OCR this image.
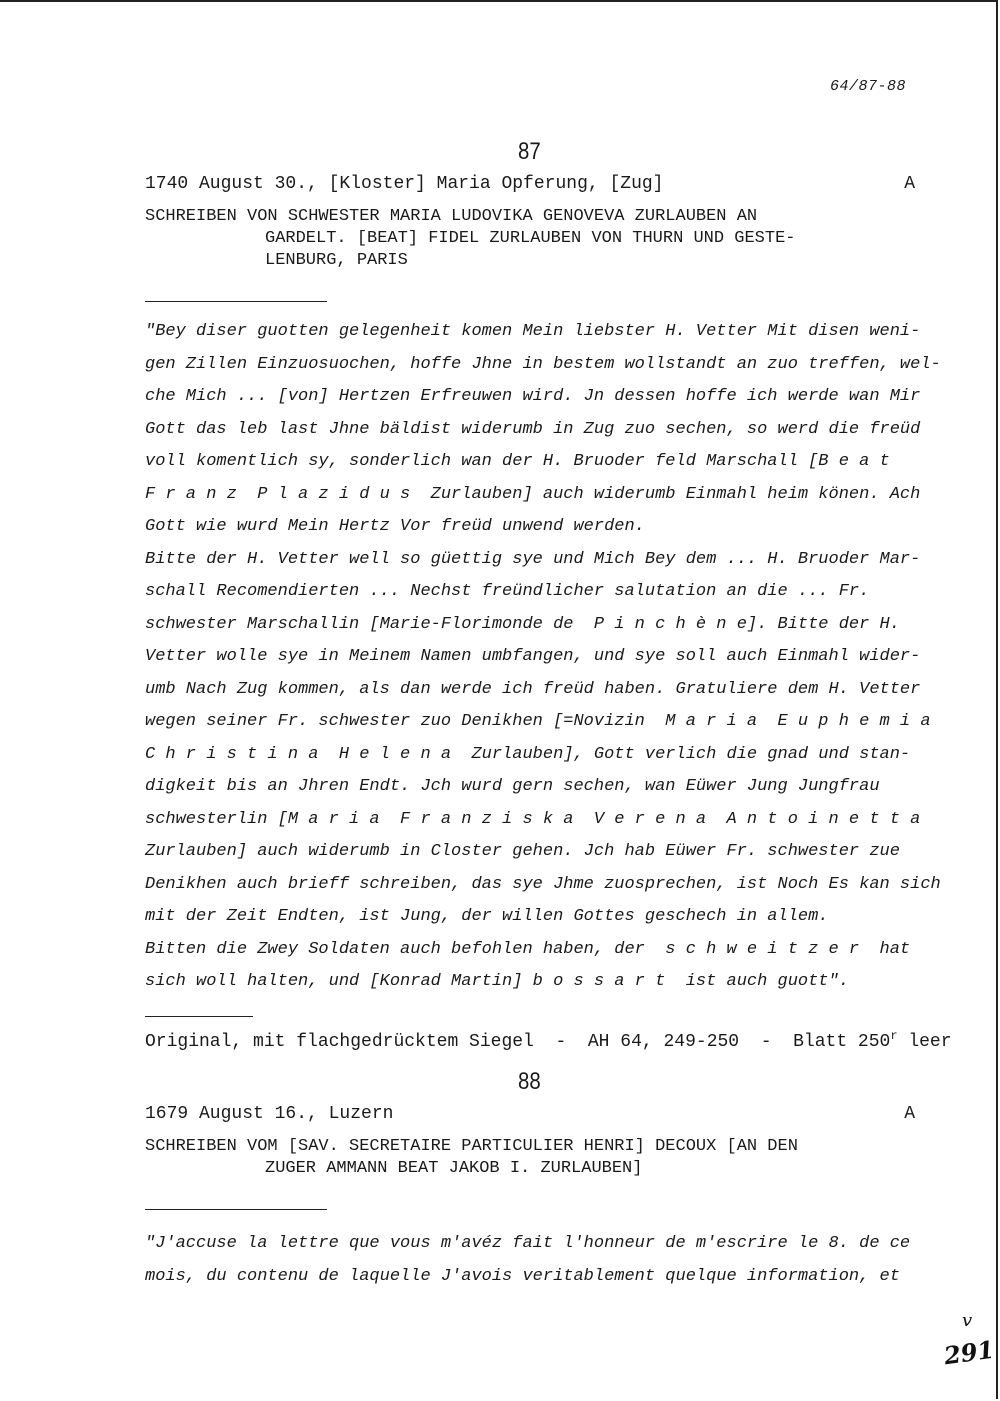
64/87-88
87
1740 August 30., [Kloster] Maria Opferung, [Zug]	A
SCHREIBEN VON SCHWESTER MARIA LUDOVIKA GENOVEVA ZURLAUBEN AN
GARDELT. [BEAT] FIDEL ZURLAUBEN VON THURN UND GESTE-
LENBURG, PARIS
"Bey diser guotten gelegenheit komen Mein liebster H. Vetter Mit disen weni-
gen Zillen Einzuosuochen, hoffe Jhne in bestem wollstandt an zuo treffen, wel-
che Mich ... [von] Hertzen Erfreuwen wird. Jn dessen hoffe ich werde wan Mir
Gott das leb last Jhne bäldist widerumb in Zug zuo sechen, so werd die freüd
voll komentlich sy, sonderlich wan der H. Bruoder feld Marschall [B e a t
F r a n z  P l a z i d u s  Zurlauben] auch widerumb Einmahl heim könen. Ach
Gott wie wurd Mein Hertz Vor freüd unwend werden.
Bitte der H. Vetter well so güettig sye und Mich Bey dem ... H. Bruoder Mar-
schall Recomendierten ... Nechst freündlicher salutation an die ... Fr.
schwester Marschallin [Marie-Florimonde de  P i n c h è n e]. Bitte der H.
Vetter wolle sye in Meinem Namen umbfangen, und sye soll auch Einmahl wider-
umb Nach Zug kommen, als dan werde ich freüd haben. Gratuliere dem H. Vetter
wegen seiner Fr. schwester zuo Denikhen [=Novizin  M a r i a  E u p h e m i a
C h r i s t i n a  H e l e n a  Zurlauben], Gott verlich die gnad und stan-
digkeit bis an Jhren Endt. Jch wurd gern sechen, wan Eüwer Jung Jungfrau
schwesterlin [M a r i a  F r a n z i s k a  V e r e n a  A n t o i n e t t a
Zurlauben] auch widerumb in Closter gehen. Jch hab Eüwer Fr. schwester zue
Denikhen auch brieff schreiben, das sye Jhme zuosprechen, ist Noch Es kan sich
mit der Zeit Endten, ist Jung, der willen Gottes geschech in allem.
Bitten die Zwey Soldaten auch befohlen haben, der  s c h w e i t z e r  hat
sich woll halten, und [Konrad Martin] b o s s a r t  ist auch guott".
Original, mit flachgedrücktem Siegel  -  AH 64, 249-250  -  Blatt 250$^r$ leer
88
1679 August 16., Luzern	A
SCHREIBEN VOM [SAV. SECRETAIRE PARTICULIER HENRI] DECOUX [AN DEN
ZUGER AMMANN BEAT JAKOB I. ZURLAUBEN]
"J'accuse la lettre que vous m'avéz fait l'honneur de m'escrire le 8. de ce
mois, du contenu de laquelle J'avois veritablement quelque information, et
v
291
